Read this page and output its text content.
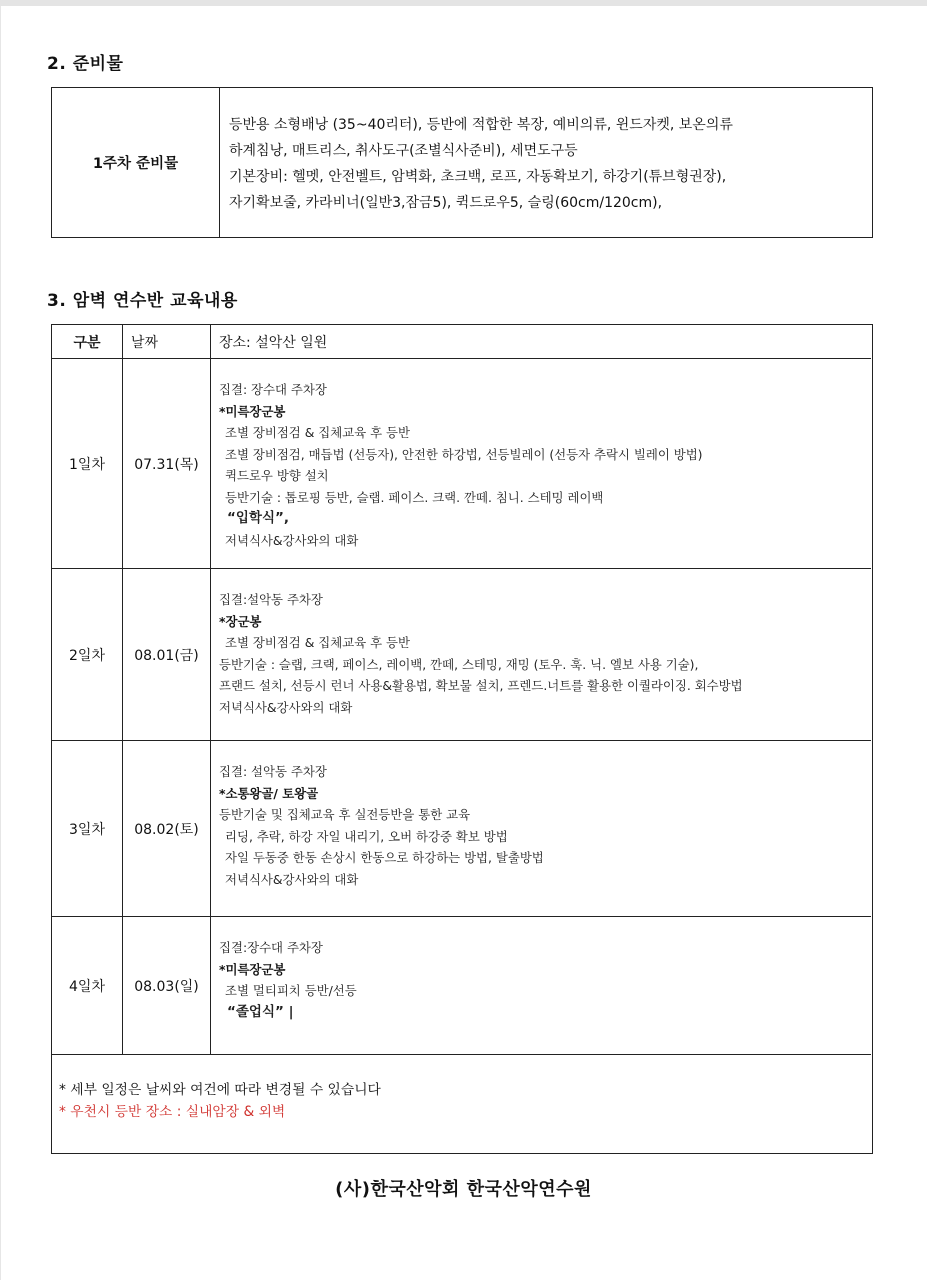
2. 준비물
1주차 준비물
등반용 소형배낭 (35~40리터), 등반에 적합한 복장, 예비의류, 윈드자켓, 보온의류
하계침낭, 매트리스, 취사도구(조별식사준비), 세면도구등
기본장비: 헬멧, 안전벨트, 암벽화, 초크백, 로프, 자동확보기, 하강기(튜브형권장),
자기확보줄, 카라비너(일반3,잠금5), 퀵드로우5, 슬링(60cm/120cm),
3. 암벽 연수반 교육내용
구분	날짜	장소: 설악산 일원
1일차	07.31(목)
집결: 장수대 주차장
*미륵장군봉
조별 장비점검 & 집체교육 후 등반
조별 장비점검, 매듭법 (선등자), 안전한 하강법, 선등빌레이 (선등자 추락시 빌레이 방법)
퀵드로우 방향 설치
등반기술 : 톱로핑 등반, 슬랩. 페이스. 크랙. 깐떼. 침니. 스테밍 레이백
“입학식”,
저녁식사&강사와의 대화
2일차	08.01(금)
집결:설악동 주차장
*장군봉
조별 장비점검 & 집체교육 후 등반
등반기술 : 슬랩, 크랙, 페이스, 레이백, 깐떼, 스테밍, 재밍 (토우. 훅. 닉. 엘보 사용 기술),
프랜드 설치, 선등시 런너 사용&활용법, 확보물 설치, 프렌드.너트를 활용한 이퀄라이징. 회수방법
저녁식사&강사와의 대화
3일차	08.02(토)
집결: 설악동 주차장
*소통왕골/ 토왕골
등반기술 및 집체교육 후 실전등반을 통한 교육
리딩, 추락, 하강 자일 내리기, 오버 하강중 확보 방법
자일 두동중 한동 손상시 한동으로 하강하는 방법, 탈출방법
저녁식사&강사와의 대화
4일차	08.03(일)
집결:장수대 주차장
*미륵장군봉
조별 멀티피치 등반/선등
“졸업식” |
* 세부 일정은 날씨와 여건에 따라 변경될 수 있습니다
* 우천시 등반 장소 : 실내암장 & 외벽
(사)한국산악회 한국산악연수원
